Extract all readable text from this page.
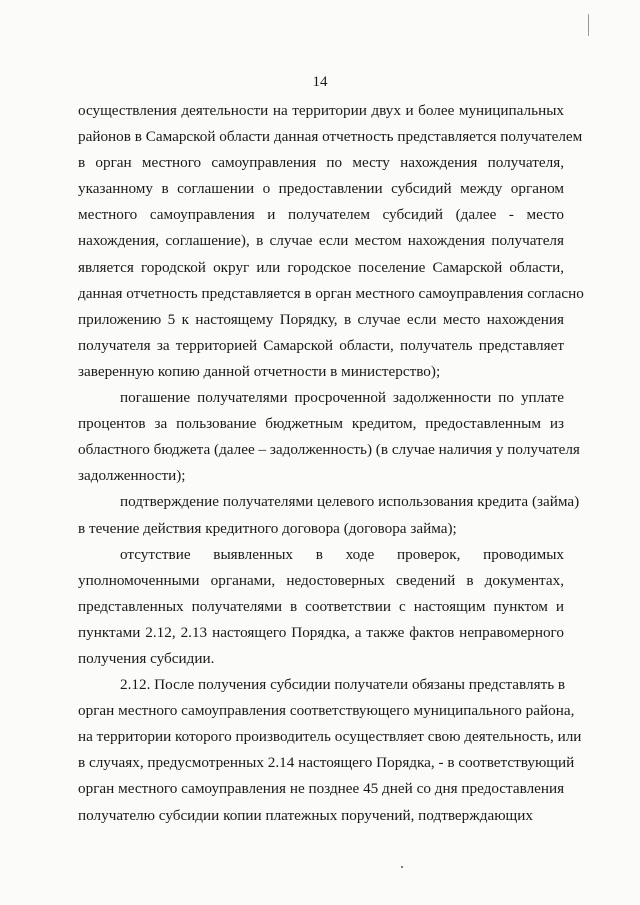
14
осуществления деятельности на территории двух и более муниципальных
районов в Самарской области данная отчетность представляется получателем
в орган местного самоуправления по месту нахождения получателя,
указанному в соглашении о предоставлении субсидий между органом
местного самоуправления и получателем субсидий (далее - место
нахождения, соглашение), в случае если местом нахождения получателя
является городской округ или городское поселение Самарской области,
данная отчетность представляется в орган местного самоуправления согласно
приложению 5 к настоящему Порядку, в случае если место нахождения
получателя за территорией Самарской области, получатель представляет
заверенную копию данной отчетности в министерство);
погашение получателями просроченной задолженности по уплате
процентов за пользование бюджетным кредитом, предоставленным из
областного бюджета (далее – задолженность) (в случае наличия у получателя
задолженности);
подтверждение получателями целевого использования кредита (займа)
в течение действия кредитного договора (договора займа);
отсутствие выявленных в ходе проверок, проводимых
уполномоченными органами, недостоверных сведений в документах,
представленных получателями в соответствии с настоящим пунктом и
пунктами 2.12, 2.13 настоящего Порядка, а также фактов неправомерного
получения субсидии.
2.12. После получения субсидии получатели обязаны представлять в
орган местного самоуправления соответствующего муниципального района,
на территории которого производитель осуществляет свою деятельность, или
в случаях, предусмотренных 2.14 настоящего Порядка, - в соответствующий
орган местного самоуправления не позднее 45 дней со дня предоставления
получателю субсидии копии платежных поручений, подтверждающих
